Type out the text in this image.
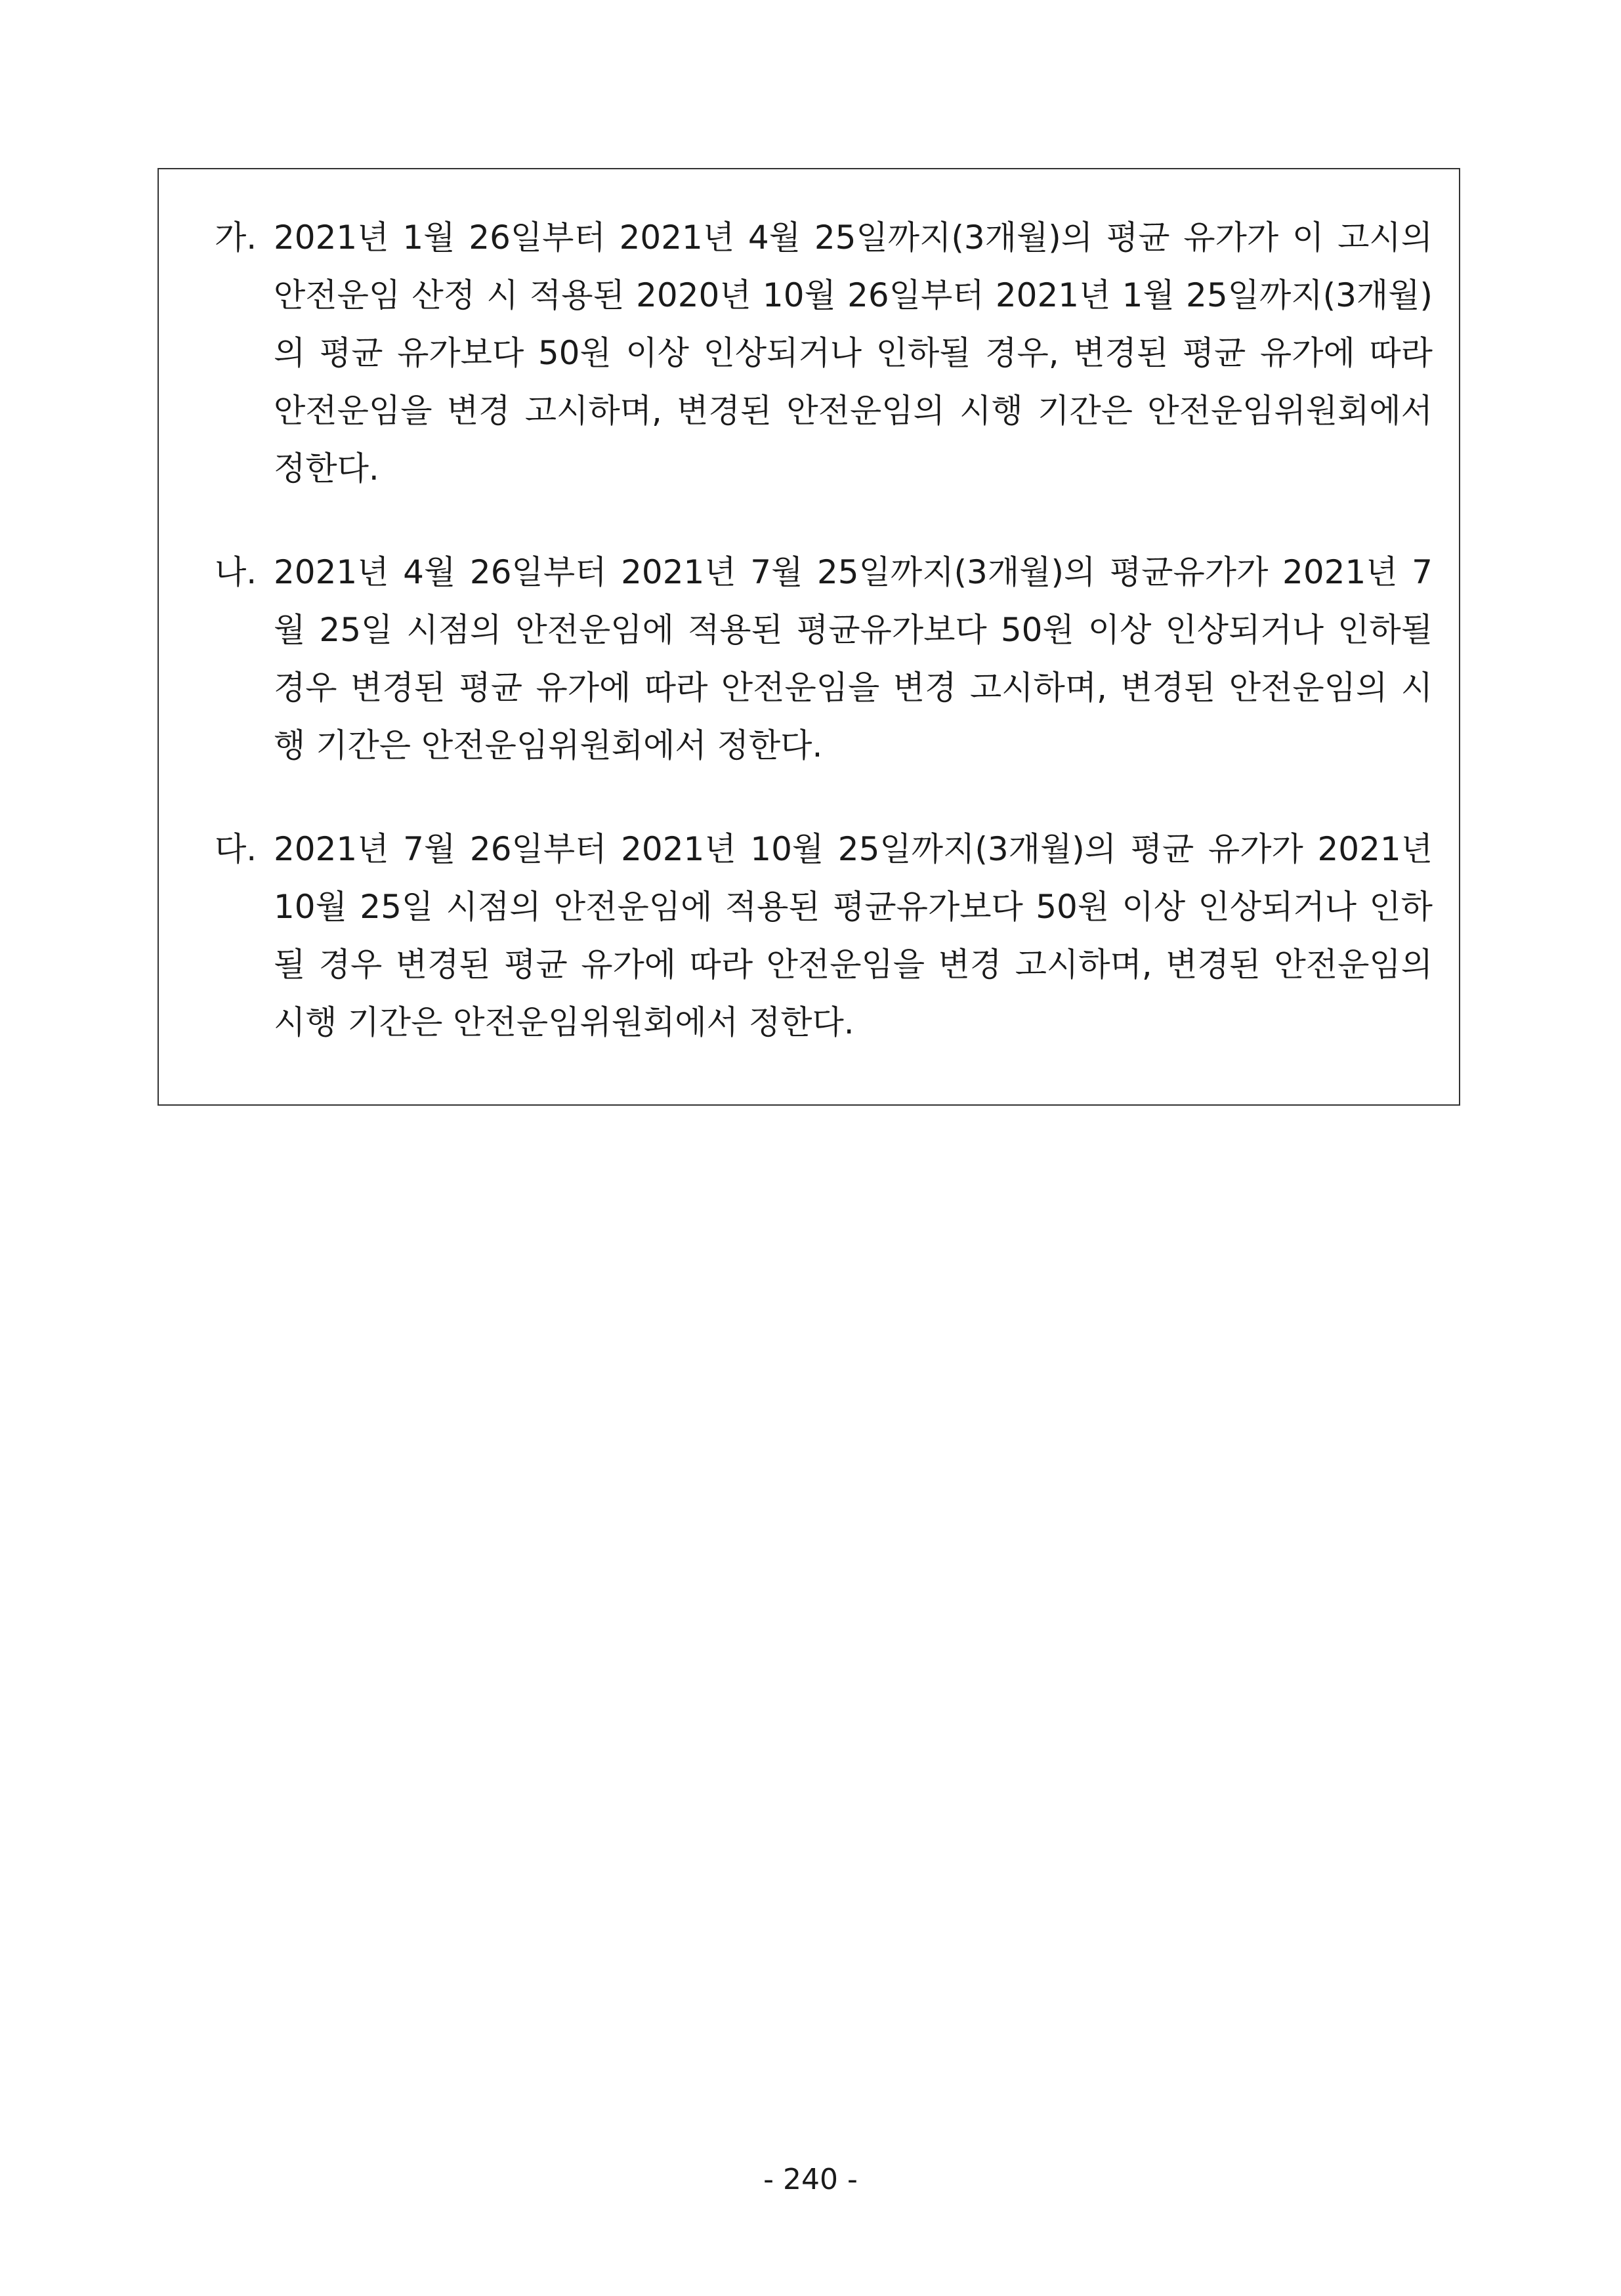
가. 2021년 1월 26일부터 2021년 4월 25일까지(3개월)의 평균 유가가 이 고시의 안전운임 산정 시 적용된 2020년 10월 26일부터 2021년 1월 25일까지(3개월)의 평균 유가보다 50원 이상 인상되거나 인하될 경우, 변경된 평균 유가에 따라 안전운임을 변경 고시하며, 변경된 안전운임의 시행 기간은 안전운임위원회에서 정한다.
나. 2021년 4월 26일부터 2021년 7월 25일까지(3개월)의 평균유가가 2021년 7월 25일 시점의 안전운임에 적용된 평균유가보다 50원 이상 인상되거나 인하될 경우 변경된 평균 유가에 따라 안전운임을 변경 고시하며, 변경된 안전운임의 시행 기간은 안전운임위원회에서 정한다.
다. 2021년 7월 26일부터 2021년 10월 25일까지(3개월)의 평균 유가가 2021년 10월 25일 시점의 안전운임에 적용된 평균유가보다 50원 이상 인상되거나 인하될 경우 변경된 평균 유가에 따라 안전운임을 변경 고시하며, 변경된 안전운임의 시행 기간은 안전운임위원회에서 정한다.
- 240 -
